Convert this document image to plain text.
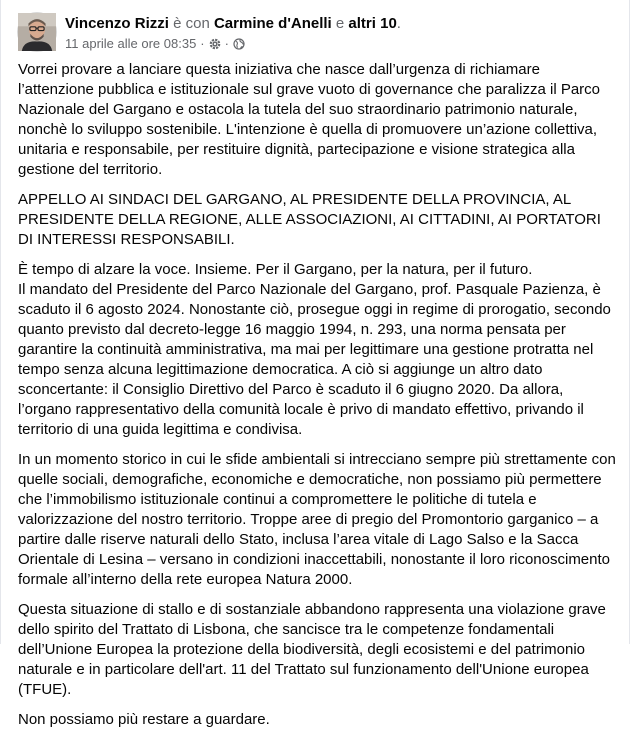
Vincenzo Rizzi è con Carmine d'Anelli e altri 10.
11 aprile alle ore 08:35 · ·

Vorrei provare a lanciare questa iniziativa che nasce dall’urgenza di richiamare l’attenzione pubblica e istituzionale sul grave vuoto di governance che paralizza il Parco Nazionale del Gargano e ostacola la tutela del suo straordinario patrimonio naturale, nonchè lo sviluppo sostenibile. L'intenzione è quella di promuovere un’azione collettiva, unitaria e responsabile, per restituire dignità, partecipazione e visione strategica alla gestione del territorio.

APPELLO AI SINDACI DEL GARGANO, AL PRESIDENTE DELLA PROVINCIA, AL PRESIDENTE DELLA REGIONE, ALLE ASSOCIAZIONI, AI CITTADINI, AI PORTATORI DI INTERESSI RESPONSABILI.

È tempo di alzare la voce. Insieme. Per il Gargano, per la natura, per il futuro.
Il mandato del Presidente del Parco Nazionale del Gargano, prof. Pasquale Pazienza, è scaduto il 6 agosto 2024. Nonostante ciò, prosegue oggi in regime di prorogatio, secondo quanto previsto dal decreto-legge 16 maggio 1994, n. 293, una norma pensata per garantire la continuità amministrativa, ma mai per legittimare una gestione protratta nel tempo senza alcuna legittimazione democratica. A ciò si aggiunge un altro dato sconcertante: il Consiglio Direttivo del Parco è scaduto il 6 giugno 2020. Da allora, l’organo rappresentativo della comunità locale è privo di mandato effettivo, privando il territorio di una guida legittima e condivisa.

In un momento storico in cui le sfide ambientali si intrecciano sempre più strettamente con quelle sociali, demografiche, economiche e democratiche, non possiamo più permettere che l’immobilismo istituzionale continui a compromettere le politiche di tutela e valorizzazione del nostro territorio. Troppe aree di pregio del Promontorio garganico – a partire dalle riserve naturali dello Stato, inclusa l’area vitale di Lago Salso e la Sacca Orientale di Lesina – versano in condizioni inaccettabili, nonostante il loro riconoscimento formale all’interno della rete europea Natura 2000.

Questa situazione di stallo e di sostanziale abbandono rappresenta una violazione grave dello spirito del Trattato di Lisbona, che sancisce tra le competenze fondamentali dell’Unione Europea la protezione della biodiversità, degli ecosistemi e del patrimonio naturale e in particolare dell'art. 11 del Trattato sul funzionamento dell'Unione europea (TFUE).

Non possiamo più restare a guardare.
